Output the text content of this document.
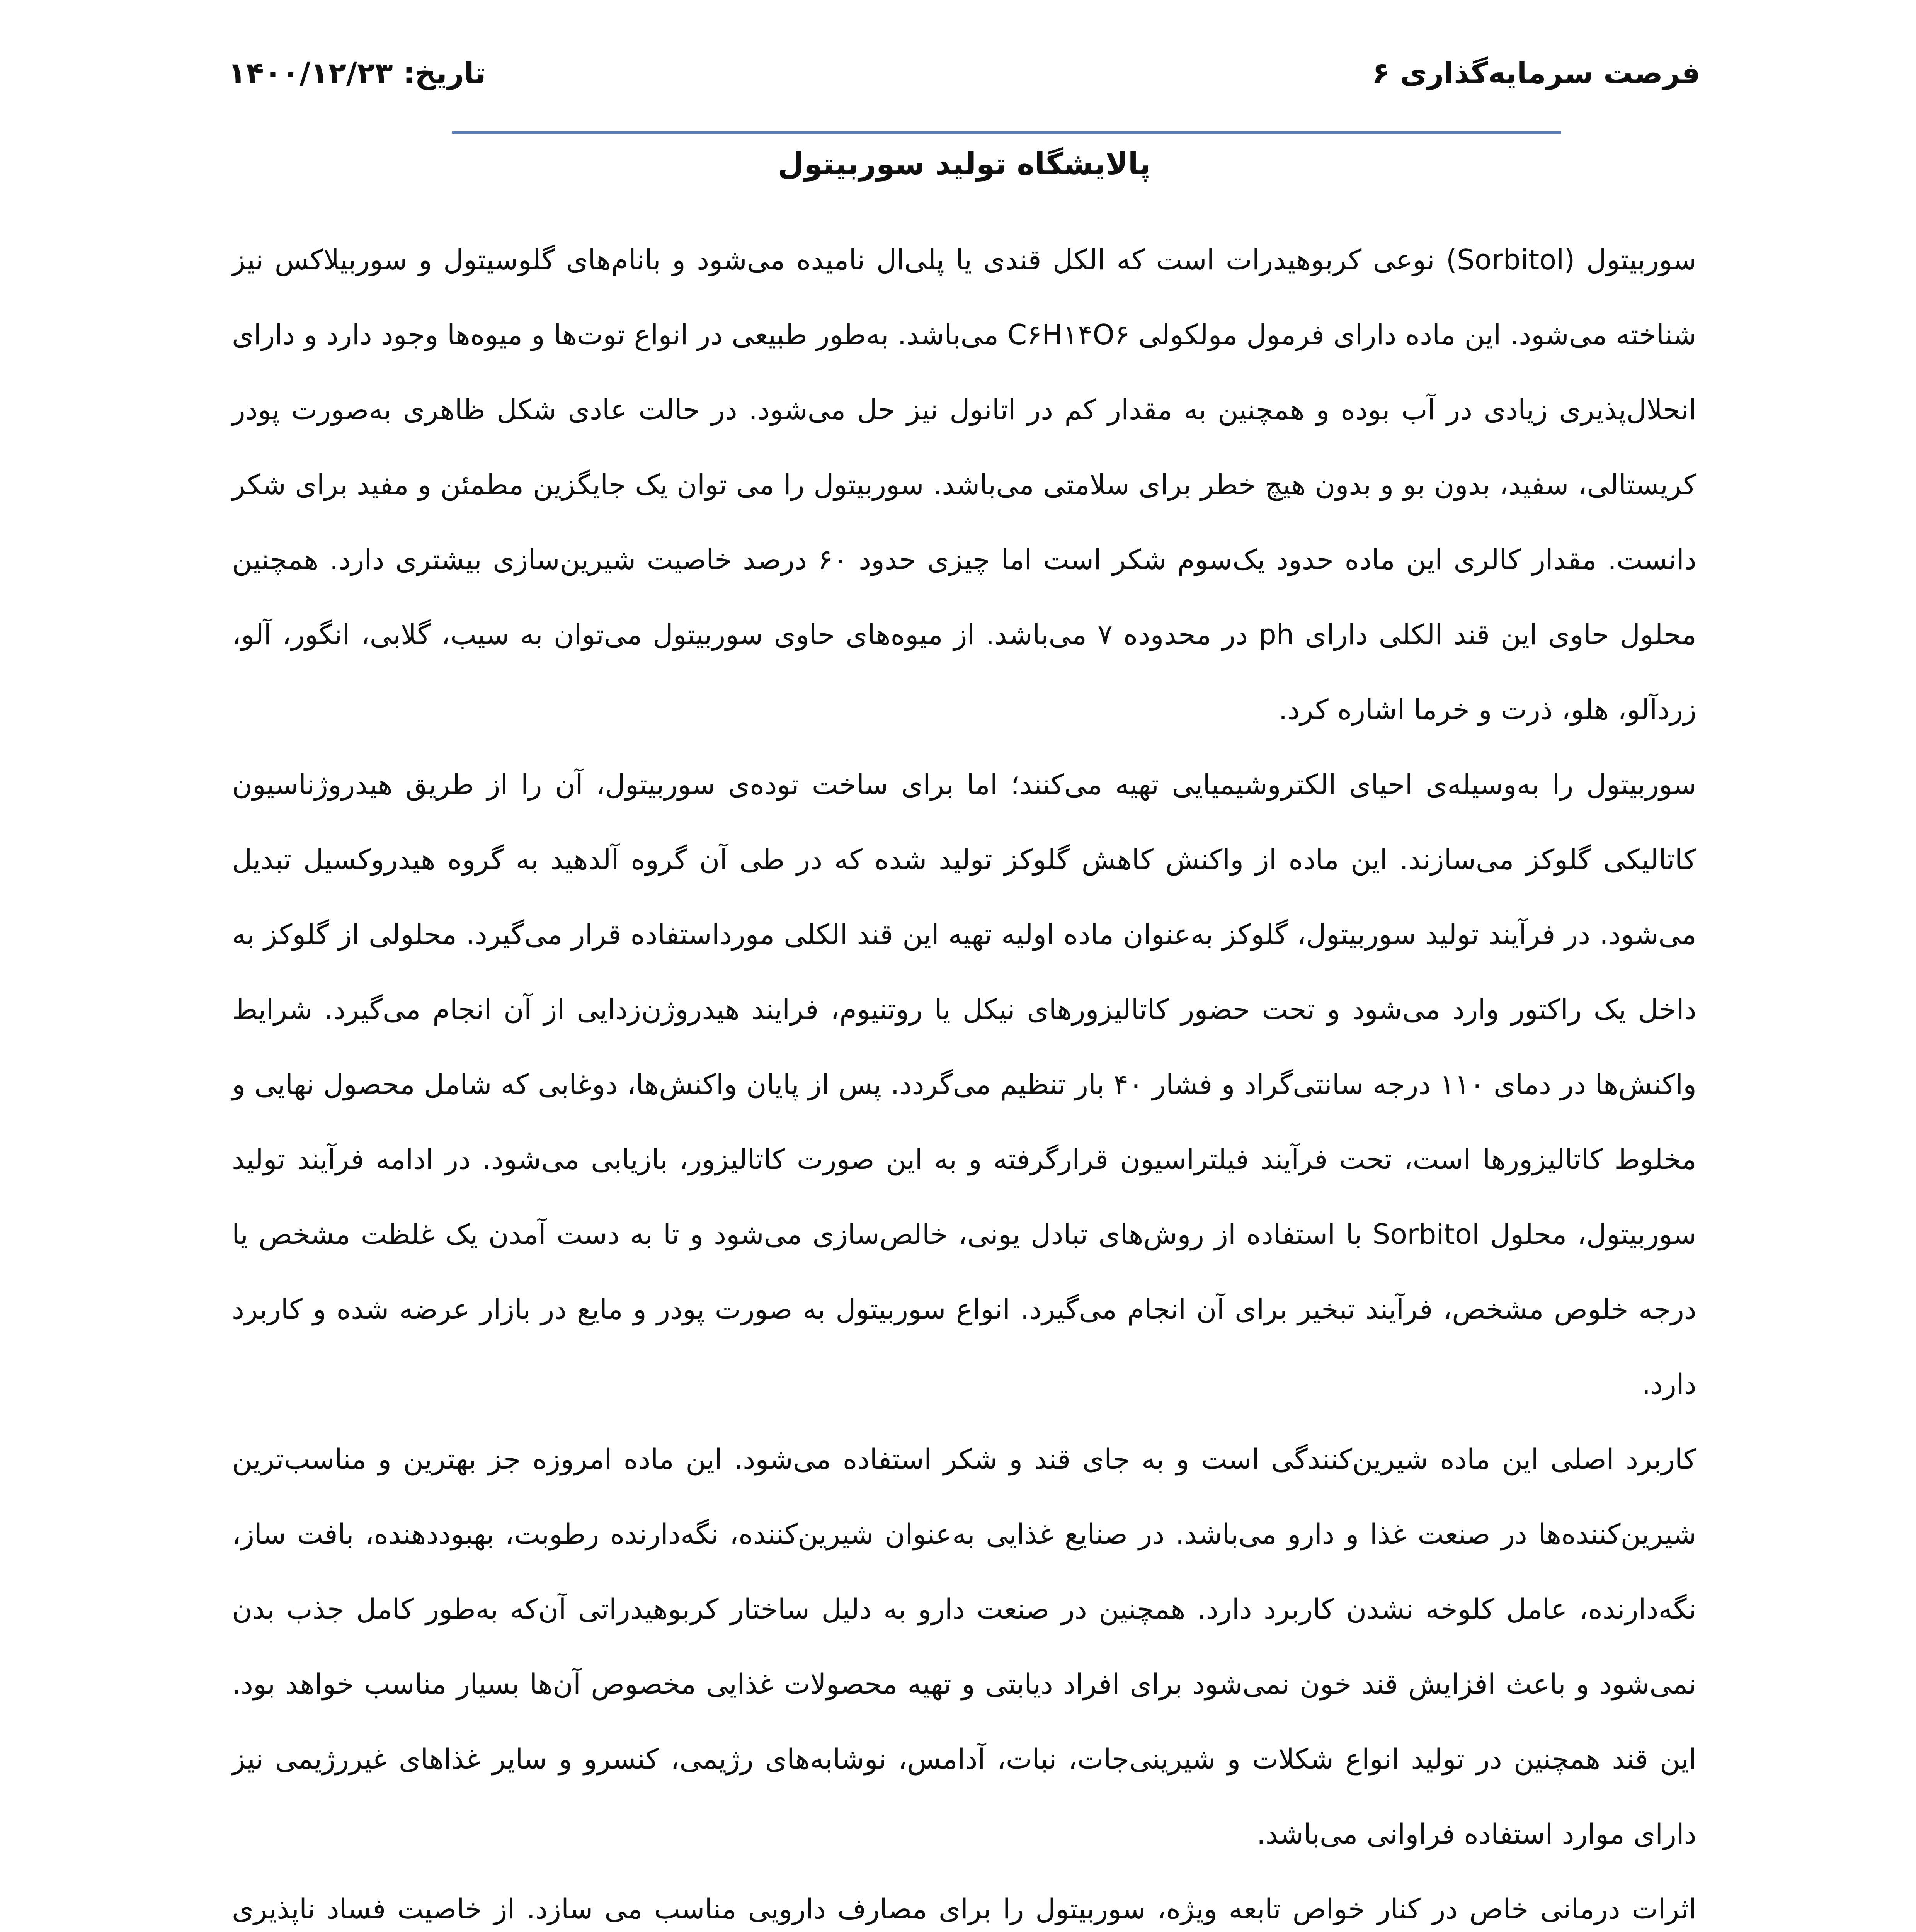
فرصت سرمایه‌گذاری ۶
تاریخ: ۱۴۰۰/۱۲/۲۳
پالایشگاه تولید سوربیتول

سوربیتول (Sorbitol) نوعی کربوهیدرات است که الکل قندی یا پلی‌ال نامیده می‌شود و بانام‌های گلوسیتول و سوربیلاکس نیز شناخته می‌شود. این ماده دارای فرمول مولکولی C۶H۱۴O۶ می‌باشد. به‌طور طبیعی در انواع توت‌ها و میوه‌ها وجود دارد و دارای انحلال‌پذیری زیادی در آب بوده و همچنین به مقدار کم در اتانول نیز حل می‌شود. در حالت عادی شکل ظاهری به‌صورت پودر کریستالی، سفید، بدون بو و بدون هیچ خطر برای سلامتی می‌باشد. سوربیتول را می توان یک جایگزین مطمئن و مفید برای شکر دانست. مقدار کالری این ماده حدود یک‌سوم شکر است اما چیزی حدود ۶۰ درصد خاصیت شیرین‌سازی بیشتری دارد. همچنین محلول حاوی این قند الکلی دارای ph در محدوده ۷ می‌باشد. از میوه‌های حاوی سوربیتول می‌توان به سیب، گلابی، انگور، آلو، زردآلو، هلو، ذرت و خرما اشاره کرد.

سوربیتول را به‌وسیله‌ی احیای الکتروشیمیایی تهیه می‌کنند؛ اما برای ساخت توده‌ی سوربیتول، آن را از طریق هیدروژناسیون کاتالیکی گلوکز می‌سازند. این ماده از واکنش کاهش گلوکز تولید شده که در طی آن گروه آلدهید به گروه هیدروکسیل تبدیل می‌شود. در فرآیند تولید سوربیتول، گلوکز به‌عنوان ماده اولیه تهیه این قند الکلی مورداستفاده قرار می‌گیرد. محلولی از گلوکز به داخل یک راکتور وارد می‌شود و تحت حضور کاتالیزورهای نیکل یا روتنیوم، فرایند هیدروژن‌زدایی از آن انجام می‌گیرد. شرایط واکنش‌ها در دمای ۱۱۰ درجه سانتی‌گراد و فشار ۴۰ بار تنظیم می‌گردد. پس از پایان واکنش‌ها، دوغابی که شامل محصول نهایی و مخلوط کاتالیزورها است، تحت فرآیند فیلتراسیون قرارگرفته و به این صورت کاتالیزور، بازیابی می‌شود. در ادامه فرآیند تولید سوربیتول، محلول Sorbitol با استفاده از روش‌های تبادل یونی، خالص‌سازی می‌شود و تا به دست آمدن یک غلظت مشخص یا درجه خلوص مشخص، فرآیند تبخیر برای آن انجام می‌گیرد. انواع سوربیتول به صورت پودر و مایع در بازار عرضه شده و کاربرد دارد.

کاربرد اصلی این ماده شیرین‌کنندگی است و به جای قند و شکر استفاده می‌شود. این ماده امروزه جز بهترین و مناسب‌ترین شیرین‌کننده‌ها در صنعت غذا و دارو می‌باشد. در صنایع غذایی به‌عنوان شیرین‌کننده، نگه‌دارنده رطوبت، بهبوددهنده، بافت ساز، نگه‌دارنده، عامل کلوخه نشدن کاربرد دارد. همچنین در صنعت دارو به دلیل ساختار کربوهیدراتی آن‌که به‌طور کامل جذب بدن نمی‌شود و باعث افزایش قند خون نمی‌شود برای افراد دیابتی و تهیه محصولات غذایی مخصوص آن‌ها بسیار مناسب خواهد بود. این قند همچنین در تولید انواع شکلات و شیرینی‌جات، نبات، آدامس، نوشابه‌های رژیمی، کنسرو و سایر غذاهای غیررژیمی نیز دارای موارد استفاده فراوانی می‌باشد.

اثرات درمانی خاص در کنار خواص تابعه ویژه، سوربیتول را برای مصارف دارویی مناسب می سازد. از خاصیت فساد ناپذیری
